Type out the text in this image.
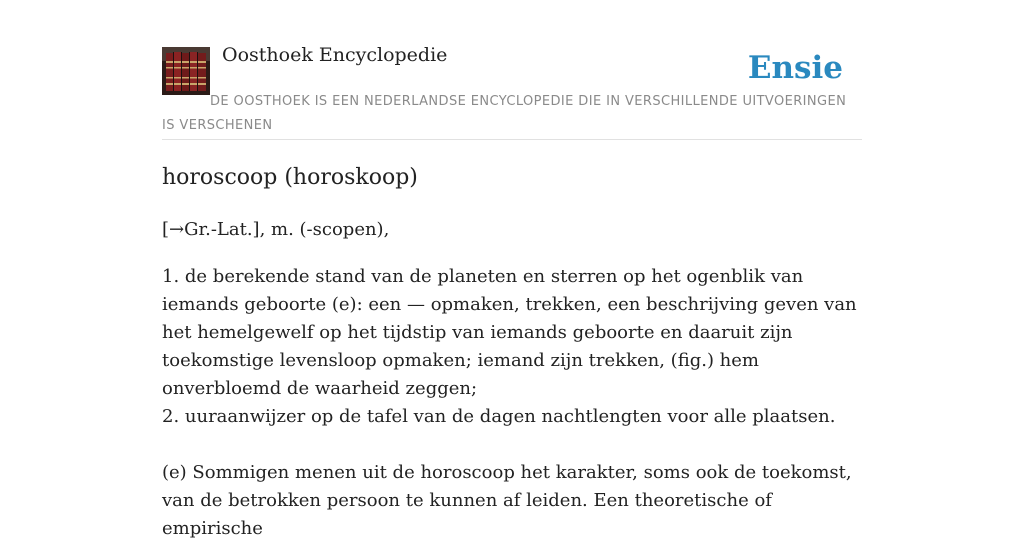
Oosthoek Encyclopedie	Ensie

DE OOSTHOEK IS EEN NEDERLANDSE ENCYCLOPEDIE DIE IN VERSCHILLENDE UITVOERINGEN IS VERSCHENEN

horoscoop (horoskoop)

[→Gr.-Lat.], m. (-scopen),

1. de berekende stand van de planeten en sterren op het ogenblik van iemands geboorte (e): een — opmaken, trekken, een beschrijving geven van het hemelgewelf op het tijdstip van iemands geboorte en daaruit zijn toekomstige levensloop opmaken; iemand zijn trekken, (fig.) hem onverbloemd de waarheid zeggen;
2. uuraanwijzer op de tafel van de dagen nachtlengten voor alle plaatsen.

(e) Sommigen menen uit de horoscoop het karakter, soms ook de toekomst, van de betrokken persoon te kunnen af leiden. Een theoretische of empirische
